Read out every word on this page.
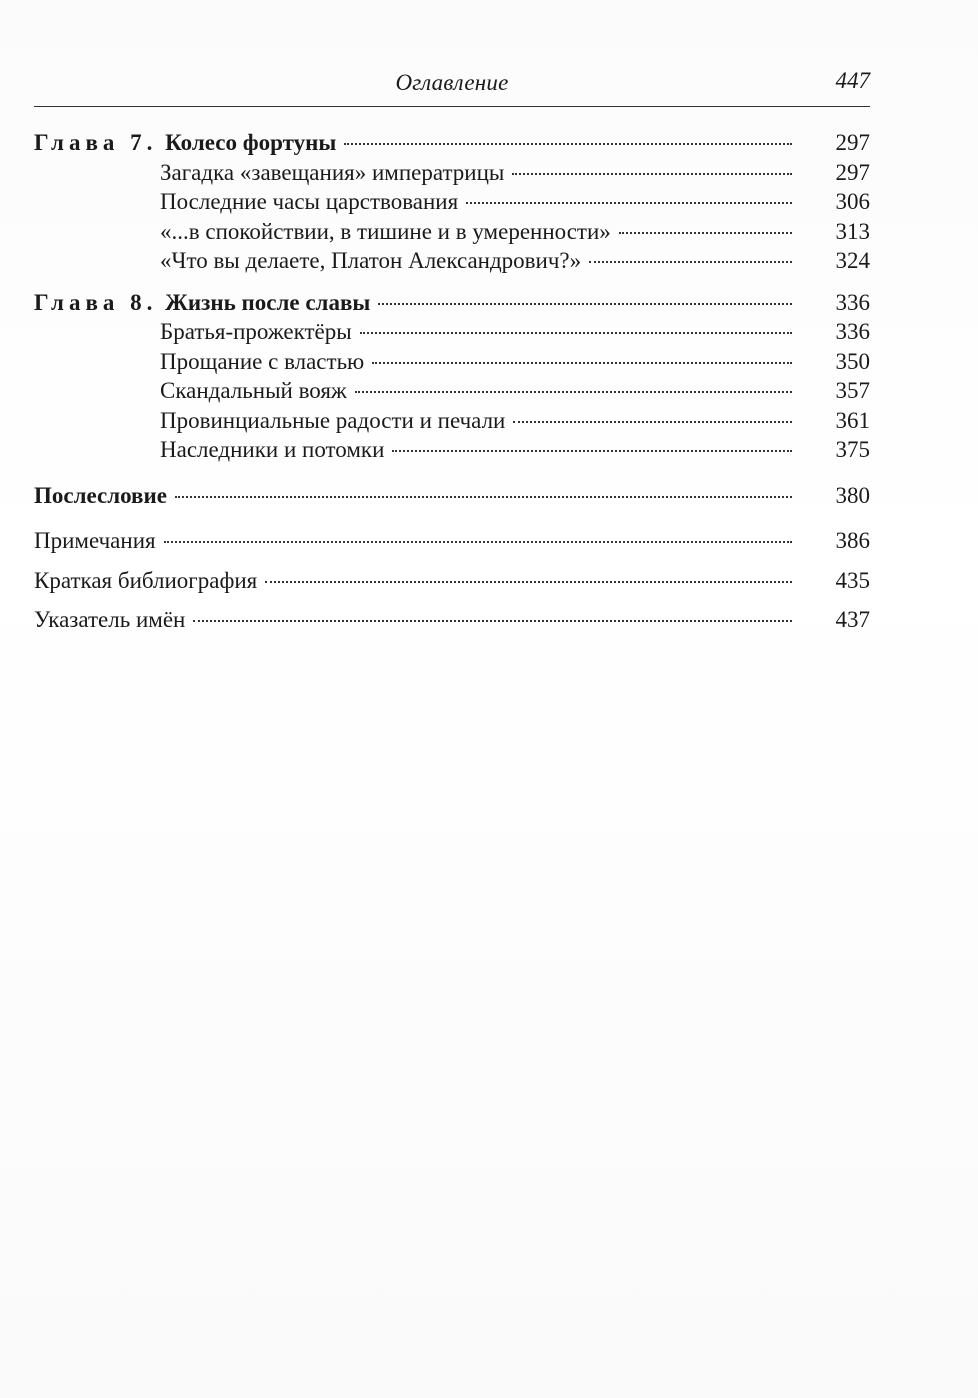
Оглавление	447
Глава 7. Колесо фортуны	297
Загадка «завещания» императрицы	297
Последние часы царствования	306
«...в спокойствии, в тишине и в умеренности»	313
«Что вы делаете, Платон Александрович?»	324
Глава 8. Жизнь после славы	336
Братья-прожектёры	336
Прощание с властью	350
Скандальный вояж	357
Провинциальные радости и печали	361
Наследники и потомки	375
Послесловие	380
Примечания	386
Краткая библиография	435
Указатель имён	437
